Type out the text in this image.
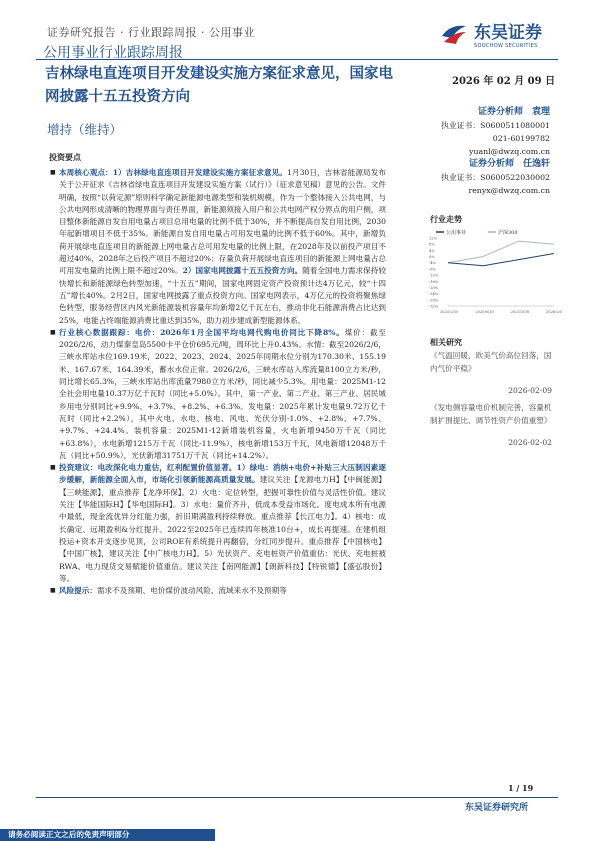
证券研究报告 · 行业跟踪周报 · 公用事业	东吴证券
SOOCHOW SECURITIES
公用事业行业跟踪周报
吉林绿电直连项目开发建设实施方案征求意见，国家电网披露十五五投资方向
增持（维持）
2026 年 02 月 09 日
证券分析师　袁理
执业证书：S0600511080001
021-60199782
yuanl@dwzq.com.cn
证券分析师　任逸轩
执业证书：S0600522030002
renyx@dwzq.com.cn
投资要点

■ 本周核心观点：1）吉林绿电直连项目开发建设实施方案征求意见。1月30日，吉林省能源局发布关于公开征求《吉林省绿电直连项目开发建设实施方案（试行）》（征求意见稿）意见的公告。文件明确，按照“以荷定源”原则科学确定新能源电源类型和装机规模，作为一个整体接入公共电网，与公共电网形成清晰的物理界面与责任界面，新能源须接入用户和公共电网产权分界点的用户侧，项目整体新能源自发自用电量占项目总用电量的比例不低于30%，并不断提高自发自用比例，2030年起新增项目不低于35%。新能源自发自用电量占可用发电量的比例不低于60%。其中，新增负荷开展绿电直连项目的新能源上网电量占总可用发电量的比例上限，在2028年及以前投产项目不超过40%，2028年之后投产项目不超过20%；存量负荷开展绿电直连项目的新能源上网电量占总可用发电量的比例上限不超过20%。2）国家电网披露十五五投资方向。随着全国电力需求保持较快增长和新能源绿色转型加速，“十五五”期间，国家电网固定资产投资预计达4万亿元，较“十四五”增长40%。2月2日，国家电网披露了重点投资方向。国家电网表示，4万亿元的投资将聚焦绿色转型，服务经营区内风光新能源装机容量年均新增2亿千瓦左右，推动非化石能源消费占比达到25%，电能占终端能源消费比重达到35%，助力初步建成新型能源体系。

■ 行业核心数据跟踪：电价：2026年1月全国平均电网代购电价同比下降8%。煤价：截至2026/2/6，动力煤秦皇岛5500卡平仓价695元/吨，周环比上升0.43%。水情：截至2026/2/6，三峡水库站水位169.19米，2022、2023、2024、2025年同期水位分别为170.30米、155.19米、167.67米、164.39米，蓄水水位正常。2026/2/6，三峡水库站入库流量8100立方米/秒，同比增长65.3%，三峡水库站出库流量7980立方米/秒，同比减少5.3%。用电量：2025M1-12全社会用电量10.37万亿千瓦时（同比+5.0%）。其中，第一产业、第二产业、第三产业、居民城乡用电分别同比+9.9%、+3.7%、+8.2%、+6.3%。发电量：2025年累计发电量9.72万亿千瓦时（同比+2.2%），其中火电、水电、核电、风电、光伏分别-1.0%、+2.8%、+7.7%、+9.7%、+24.4%。装机容量：2025M1-12新增装机容量，火电新增9450万千瓦（同比+63.8%），水电新增1215万千瓦（同比-11.9%），核电新增153万千瓦，风电新增12048万千瓦（同比+50.9%），光伏新增31751万千瓦（同比+14.2%）。

■ 投资建议：电改深化电力重估，红利配置价值显著。1）绿电：消纳+电价+补贴三大压制因素逐步缓解，新能源全面入市，市场化引领新能源高质量发展。建议关注【龙源电力H】【中闽能源】【三峡能源】，重点推荐【龙净环保】。2）火电：定位转型，把握可靠性价值与灵活性价值。建议关注【华能国际H】【华电国际H】。3）水电：量价齐升，低成本受益市场化。度电成本所有电源中最低，现金流优异分红能力强，折旧期满盈利持续释放。重点推荐【长江电力】。4）核电：成长确定、远期盈利&分红提升。2022至2025年已连续四年核准10台+，成长再提速。在建机组投运+资本开支逐步见顶，公司ROE有系统提升再翻倍，分红同步提升。重点推荐【中国核电】【中国广核】，建议关注【中广核电力H】。5）光伏资产、充电桩资产价值重估：光伏、充电桩被RWA、电力现货交易赋能价值重估。建议关注【南网能源】【朗新科技】【特锐德】【盛弘股份】等。

■ 风险提示：需求不及预期、电价煤价波动风险、流域来水不及预期等

行业走势
公用事业	沪深300
12%
8%
4%
0%
-4%
-8%
-12%
-16%
-20%
-24%
-28%
-32%
2025/2/10	2025/6/10	2025/10/8	2026/2/5
相关研究
《气温回暖，欧美气价高位回落，国内气价平稳》
2026-02-09
《发电侧容量电价机制完善，容量机制扩围提比、调节性资产价值重塑》
2026-02-02
1 / 19
东吴证券研究所
请务必阅读正文之后的免责声明部分
